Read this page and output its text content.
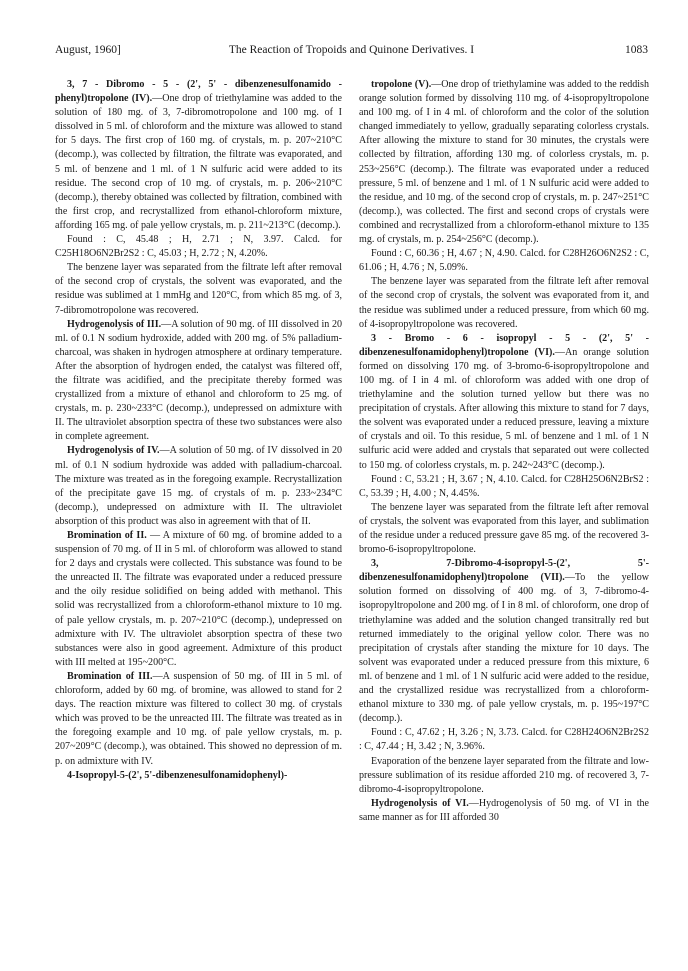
August, 1960]	The Reaction of Tropoids and Quinone Derivatives. I	1083

3, 7 - Dibromo - 5 - (2', 5' - dibenzenesulfonamido - phenyl)tropolone (IV).—One drop of triethylamine was added to the solution of 180 mg. of 3, 7-dibromotropolone and 100 mg. of I dissolved in 5 ml. of chloroform and the mixture was allowed to stand for 5 days. The first crop of 160 mg. of crystals, m. p. 207~210°C (decomp.), was collected by filtration, the filtrate was evaporated, and 5 ml. of benzene and 1 ml. of 1 N sulfuric acid were added to its residue. The second crop of 10 mg. of crystals, m. p. 206~210°C (decomp.), thereby obtained was collected by filtration, combined with the first crop, and recrystallized from ethanol-chloroform mixture, affording 165 mg. of pale yellow crystals, m. p. 211~213°C (decomp.).

Found : C, 45.48 ; H, 2.71 ; N, 3.97. Calcd. for C25H18O6N2Br2S2 : C, 45.03 ; H, 2.72 ; N, 4.20%.

The benzene layer was separated from the filtrate left after removal of the second crop of crystals, the solvent was evaporated, and the residue was sublimed at 1 mmHg and 120°C, from which 85 mg. of 3, 7-dibromotropolone was recovered.

Hydrogenolysis of III.—A solution of 90 mg. of III dissolved in 20 ml. of 0.1 N sodium hydroxide, added with 200 mg. of 5% palladium-charcoal, was shaken in hydrogen atmosphere at ordinary temperature. After the absorption of hydrogen ended, the catalyst was filtered off, the filtrate was acidified, and the precipitate thereby formed was crystallized from a mixture of ethanol and chloroform to 25 mg. of crystals, m. p. 230~233°C (decomp.), undepressed on admixture with II. The ultraviolet absorption spectra of these two substances were also in complete agreement.

Hydrogenolysis of IV.—A solution of 50 mg. of IV dissolved in 20 ml. of 0.1 N sodium hydroxide was added with palladium-charcoal. The mixture was treated as in the foregoing example. Recrystallization of the precipitate gave 15 mg. of crystals of m. p. 233~234°C (decomp.), undepressed on admixture with II. The ultraviolet absorption of this product was also in agreement with that of II.

Bromination of II. — A mixture of 60 mg. of bromine added to a suspension of 70 mg. of II in 5 ml. of chloroform was allowed to stand for 2 days and crystals were collected. This substance was found to be the unreacted II. The filtrate was evaporated under a reduced pressure and the oily residue solidified on being added with methanol. This solid was recrystallized from a chloroform-ethanol mixture to 10 mg. of pale yellow crystals, m. p. 207~210°C (decomp.), undepressed on admixture with IV. The ultraviolet absorption spectra of these two substances were also in good agreement. Admixture of this product with III melted at 195~200°C.

Bromination of III.—A suspension of 50 mg. of III in 5 ml. of chloroform, added by 60 mg. of bromine, was allowed to stand for 2 days. The reaction mixture was filtered to collect 30 mg. of crystals which was proved to be the unreacted III. The filtrate was treated as in the foregoing example and 10 mg. of pale yellow crystals, m. p. 207~209°C (decomp.), was obtained. This showed no depression of m. p. on admixture with IV.

4-Isopropyl-5-(2', 5'-dibenzenesulfonamidophenyl)-

tropolone (V).—One drop of triethylamine was added to the reddish orange solution formed by dissolving 110 mg. of 4-isopropyltropolone and 100 mg. of I in 4 ml. of chloroform and the color of the solution changed immediately to yellow, gradually separating colorless crystals. After allowing the mixture to stand for 30 minutes, the crystals were collected by filtration, affording 130 mg. of colorless crystals, m. p. 253~256°C (decomp.). The filtrate was evaporated under a reduced pressure, 5 ml. of benzene and 1 ml. of 1 N sulfuric acid were added to the residue, and 10 mg. of the second crop of crystals, m. p. 247~251°C (decomp.), was collected. The first and second crops of crystals were combined and recrystallized from a chloroform-ethanol mixture to 135 mg. of crystals, m. p. 254~256°C (decomp.).

Found : C, 60.36 ; H, 4.67 ; N, 4.90. Calcd. for C28H26O6N2S2 : C, 61.06 ; H, 4.76 ; N, 5.09%.

The benzene layer was separated from the filtrate left after removal of the second crop of crystals, the solvent was evaporated from it, and the residue was sublimed under a reduced pressure, from which 60 mg. of 4-isopropyltropolone was recovered.

3 - Bromo - 6 - isopropyl - 5 - (2', 5' - dibenzenesulfonamidophenyl)tropolone (VI).—An orange solution formed on dissolving 170 mg. of 3-bromo-6-isopropyltropolone and 100 mg. of I in 4 ml. of chloroform was added with one drop of triethylamine and the solution turned yellow but there was no precipitation of crystals. After allowing this mixture to stand for 7 days, the solvent was evaporated under a reduced pressure, leaving a mixture of crystals and oil. To this residue, 5 ml. of benzene and 1 ml. of 1 N sulfuric acid were added and crystals that separated out were collected to 150 mg. of colorless crystals, m. p. 242~243°C (decomp.).

Found : C, 53.21 ; H, 3.67 ; N, 4.10. Calcd. for C28H25O6N2BrS2 : C, 53.39 ; H, 4.00 ; N, 4.45%.

The benzene layer was separated from the filtrate left after removal of crystals, the solvent was evaporated from this layer, and sublimation of the residue under a reduced pressure gave 85 mg. of the recovered 3-bromo-6-isopropyltropolone.

3, 7-Dibromo-4-isopropyl-5-(2', 5'-dibenzenesulfonamidophenyl)tropolone (VII).—To the yellow solution formed on dissolving of 400 mg. of 3, 7-dibromo-4-isopropyltropolone and 200 mg. of I in 8 ml. of chloroform, one drop of triethylamine was added and the solution changed transitrally red but returned immediately to the original yellow color. There was no precipitation of crystals after standing the mixture for 10 days. The solvent was evaporated under a reduced pressure from this mixture, 6 ml. of benzene and 1 ml. of 1 N sulfuric acid were added to the residue, and the crystallized residue was recrystallized from a chloroform-ethanol mixture to 330 mg. of pale yellow crystals, m. p. 195~197°C (decomp.).

Found : C, 47.62 ; H, 3.26 ; N, 3.73. Calcd. for C28H24O6N2Br2S2 : C, 47.44 ; H, 3.42 ; N, 3.96%.

Evaporation of the benzene layer separated from the filtrate and low-pressure sublimation of its residue afforded 210 mg. of recovered 3, 7-dibromo-4-isopropyltropolone.

Hydrogenolysis of VI.—Hydrogenolysis of 50 mg. of VI in the same manner as for III afforded 30
